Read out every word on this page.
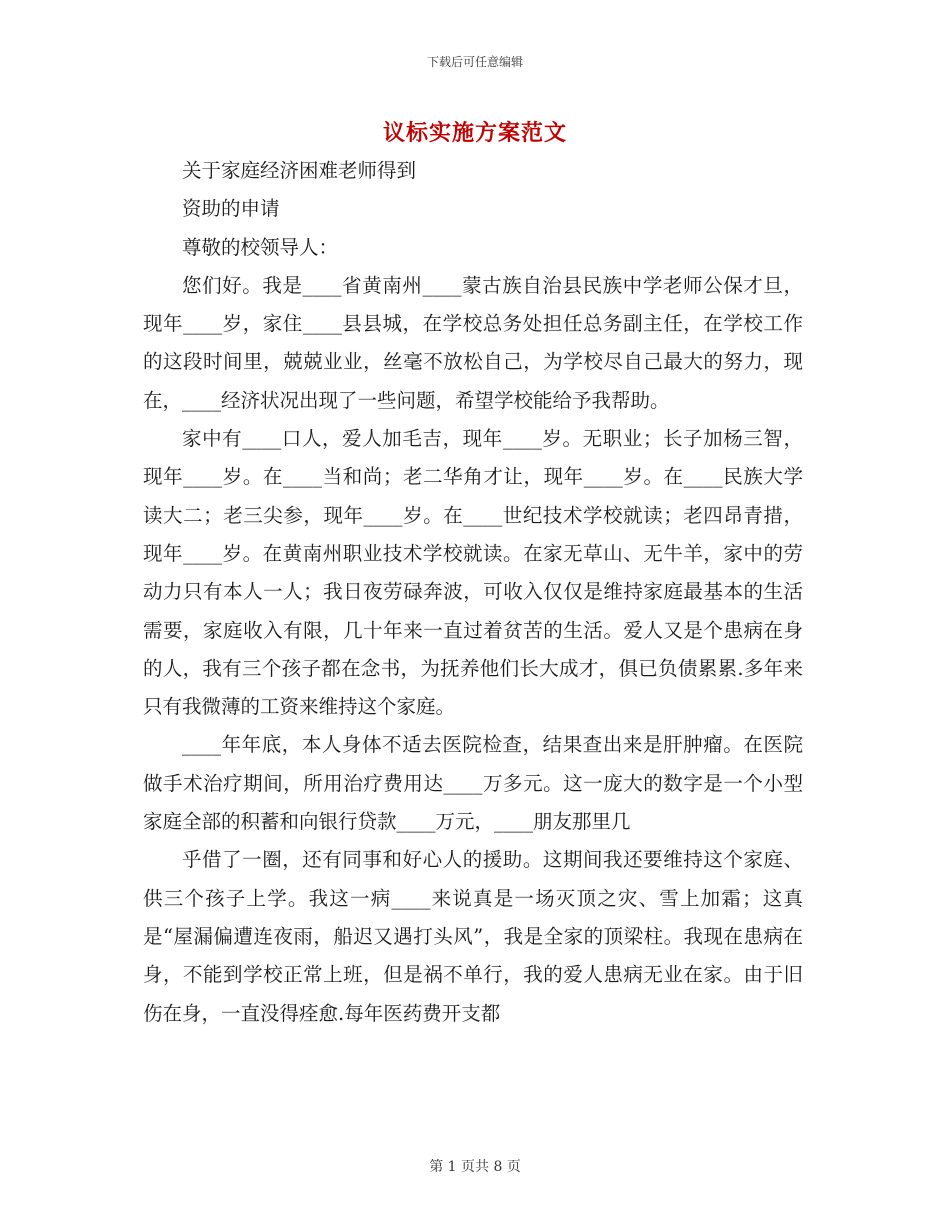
下载后可任意编辑
议标实施方案范文

关于家庭经济困难老师得到

资助的申请

尊敬的校领导人：

您们好。我是____省黄南州____蒙古族自治县民族中学老师公保才旦，现年____岁，家住____县县城，在学校总务处担任总务副主任，在学校工作的这段时间里，兢兢业业，丝毫不放松自己，为学校尽自己最大的努力，现在，____经济状况出现了一些问题，希望学校能给予我帮助。

家中有____口人，爱人加毛吉，现年____岁。无职业；长子加杨三智，现年____岁。在____当和尚；老二华角才让，现年____岁。在____民族大学读大二；老三尖参，现年____岁。在____世纪技术学校就读；老四昂青措，现年____岁。在黄南州职业技术学校就读。在家无草山、无牛羊，家中的劳动力只有本人一人；我日夜劳碌奔波，可收入仅仅是维持家庭最基本的生活需要，家庭收入有限，几十年来一直过着贫苦的生活。爱人又是个患病在身的人，我有三个孩子都在念书，为抚养他们长大成才，俱已负债累累.多年来只有我微薄的工资来维持这个家庭。

____年年底，本人身体不适去医院检查，结果查出来是肝肿瘤。在医院做手术治疗期间，所用治疗费用达____万多元。这一庞大的数字是一个小型家庭全部的积蓄和向银行贷款____万元，____朋友那里几

乎借了一圈，还有同事和好心人的援助。这期间我还要维持这个家庭、供三个孩子上学。我这一病____来说真是一场灭顶之灾、雪上加霜；这真是“屋漏偏遭连夜雨，船迟又遇打头风”，我是全家的顶梁柱。我现在患病在身，不能到学校正常上班，但是祸不单行，我的爱人患病无业在家。由于旧伤在身，一直没得痊愈.每年医药费开支都

第 1 页共 8 页
